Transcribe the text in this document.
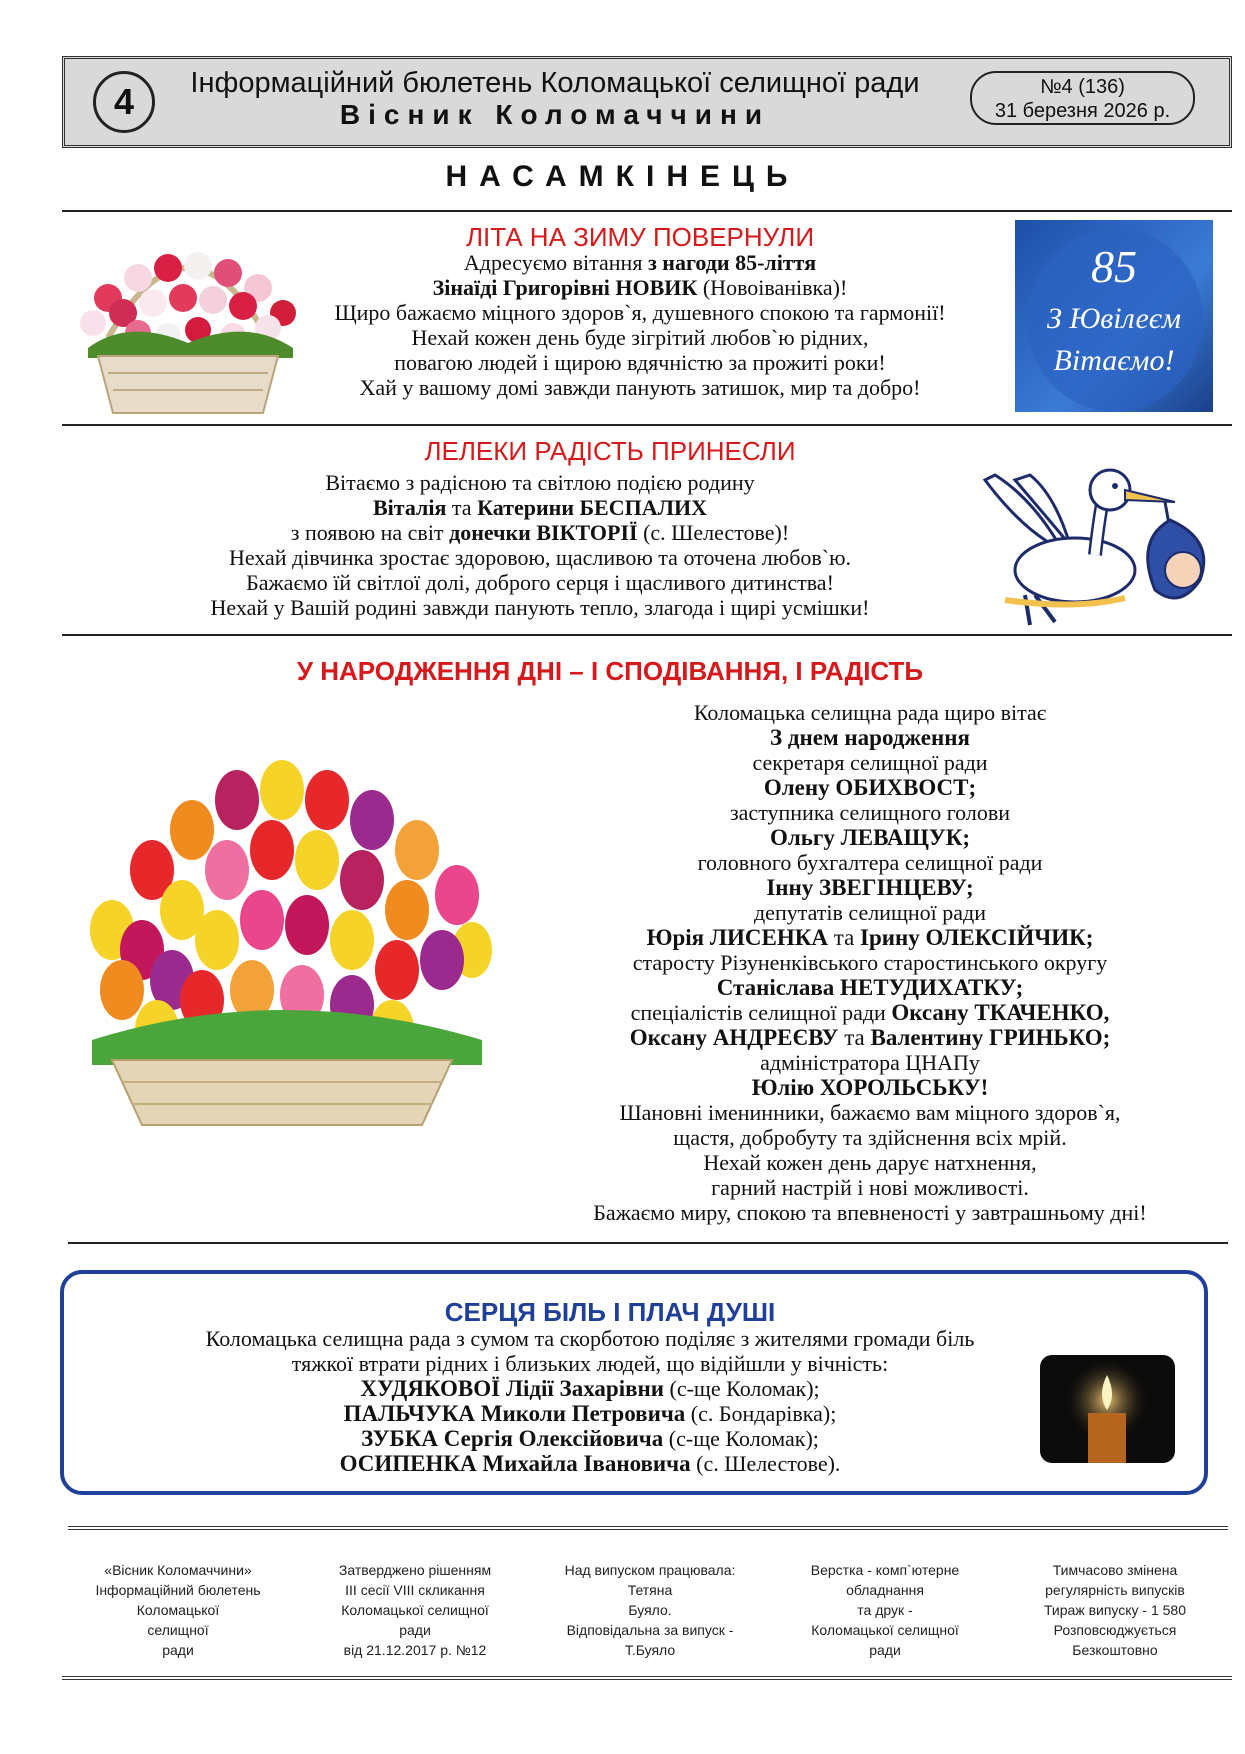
4	Інформаційний бюлетень Коломацької селищної ради
Вісник Коломаччини
№4 (136)
31 березня 2026 р.
НАСАМКІНЕЦЬ
ЛІТА НА ЗИМУ ПОВЕРНУЛИ
Адресуємо вітання з нагоди 85-ліття
Зінаїді Григорівні НОВИК (Новоіванівка)!
Щиро бажаємо міцного здоров`я, душевного спокою та гармонії!
Нехай кожен день буде зігрітий любов`ю рідних,
повагою людей і щирою вдячністю за прожиті роки!
Хай у вашому домі завжди панують затишок, мир та добро!
85
З Ювілеєм
Вітаємо!
ЛЕЛЕКИ РАДІСТЬ ПРИНЕСЛИ
Вітаємо з радісною та світлою подією родину
Віталія та Катерини БЕСПАЛИХ
з появою на світ донечки ВІКТОРІЇ (с. Шелестове)!
Нехай дівчинка зростає здоровою, щасливою та оточена любов`ю.
Бажаємо їй світлої долі, доброго серця і щасливого дитинства!
Нехай у Вашій родині завжди панують тепло, злагода і щирі усмішки!
У НАРОДЖЕННЯ ДНІ – І СПОДІВАННЯ, І РАДІСТЬ
Коломацька селищна рада щиро вітає
З днем народження
секретаря селищної ради
Олену ОБИХВОСТ;
заступника селищного голови
Ольгу ЛЕВАЩУК;
головного бухгалтера селищної ради
Інну ЗВЕГІНЦЕВУ;
депутатів селищної ради
Юрія ЛИСЕНКА та Ірину ОЛЕКСІЙЧИК;
старосту Різуненківського старостинського округу
Станіслава НЕТУДИХАТКУ;
спеціалістів селищної ради Оксану ТКАЧЕНКО,
Оксану АНДРЕЄВУ та Валентину ГРИНЬКО;
адміністратора ЦНАПу
Юлію ХОРОЛЬСЬКУ!
Шановні іменинники, бажаємо вам міцного здоров`я,
щастя, добробуту та здійснення всіх мрій.
Нехай кожен день дарує натхнення,
гарний настрій і нові можливості.
Бажаємо миру, спокою та впевненості у завтрашньому дні!
СЕРЦЯ БІЛЬ І ПЛАЧ ДУШІ
Коломацька селищна рада з сумом та скорботою поділяє з жителями громади біль
тяжкої втрати рідних і близьких людей, що відійшли у вічність:
ХУДЯКОВОЇ Лідії Захарівни (с-ще Коломак);
ПАЛЬЧУКА Миколи Петровича (с. Бондарівка);
ЗУБКА Сергія Олексійовича (с-ще Коломак);
ОСИПЕНКА Михайла Івановича (с. Шелестове).
«Вісник Коломаччини»
Інформаційний бюлетень
Коломацької
селищної
ради
Затверджено рішенням
III сесії VIII скликання
Коломацької селищної
ради
від 21.12.2017 р. №12
Над випуском працювала:
Тетяна
Буяло.
Відповідальна за випуск -
Т.Буяло
Верстка - комп`ютерне
обладнання
та друк -
Коломацької селищної
ради
Тимчасово змінена
регулярність випусків
Тираж випуску - 1 580
Розповсюджується
Безкоштовно
